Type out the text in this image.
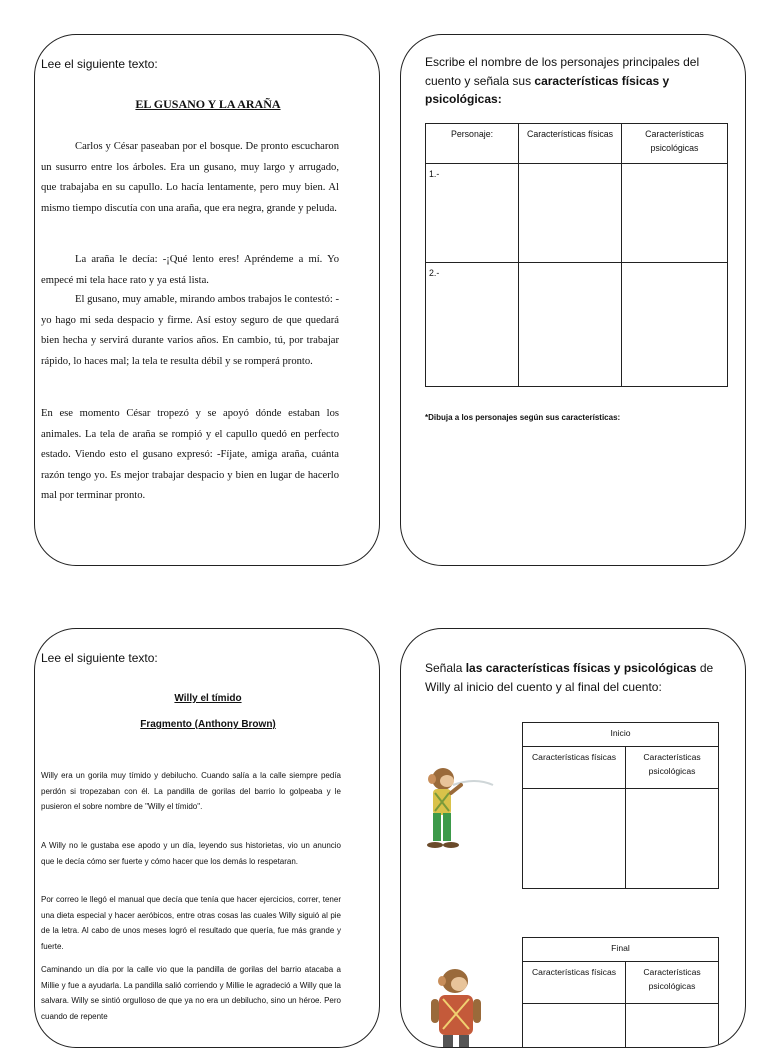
Lee el siguiente texto:
EL GUSANO Y LA ARAÑA

Carlos y César paseaban por el bosque. De pronto escucharon un susurro entre los árboles. Era un gusano, muy largo y arrugado, que trabajaba en su capullo. Lo hacía lentamente, pero muy bien. Al mismo tiempo discutía con una araña, que era negra, grande y peluda.

La araña le decía: -¡Qué lento eres! Apréndeme a mí. Yo empecé mi tela hace rato y ya está lista.

El gusano, muy amable, mirando ambos trabajos le contestó: -yo hago mi seda despacio y firme. Así estoy seguro de que quedará bien hecha y servirá durante varios años. En cambio, tú, por trabajar rápido, lo haces mal; la tela te resulta débil y se romperá pronto.

En ese momento César tropezó y se apoyó dónde estaban los animales. La tela de araña se rompió y el capullo quedó en perfecto estado. Viendo esto el gusano expresó: -Fíjate, amiga araña, cuánta razón tengo yo. Es mejor trabajar despacio y bien en lugar de hacerlo mal por terminar pronto.

Escribe el nombre de los personajes principales del cuento y señala sus características físicas y psicológicas:
Personaje:	Características físicas	Características psicológicas
1.-		
2.-		
*Dibuja a los personajes según sus características:
Lee el siguiente texto:
Willy el tímido
Fragmento (Anthony Brown)

Willy era un gorila muy tímido y debilucho. Cuando salía a la calle siempre pedía perdón si tropezaban con él. La pandilla de gorilas del barrio lo golpeaba y le pusieron el sobre nombre de "Willy el tímido".

A Willy no le gustaba ese apodo y un día, leyendo sus historietas, vio un anuncio que le decía cómo ser fuerte y cómo hacer que los demás lo respetaran.

Por correo le llegó el manual que decía que tenía que hacer ejercicios, correr, tener una dieta especial y hacer aeróbicos, entre otras cosas las cuales Willy siguió al pie de la letra. Al cabo de unos meses logró el resultado que quería, fue más grande y fuerte.

Caminando un día por la calle vio que la pandilla de gorilas del barrio atacaba a Millie y fue a ayudarla. La pandilla salió corriendo y Millie le agradeció a Willy que la salvara. Willy se sintió orgulloso de que ya no era un debilucho, sino un héroe. Pero cuando de repente

Señala las características físicas y psicológicas de Willy al inicio del cuento y al final del cuento:
Inicio	
Características físicas	Características psicológicas

Final	
Características físicas	Características psicológicas
